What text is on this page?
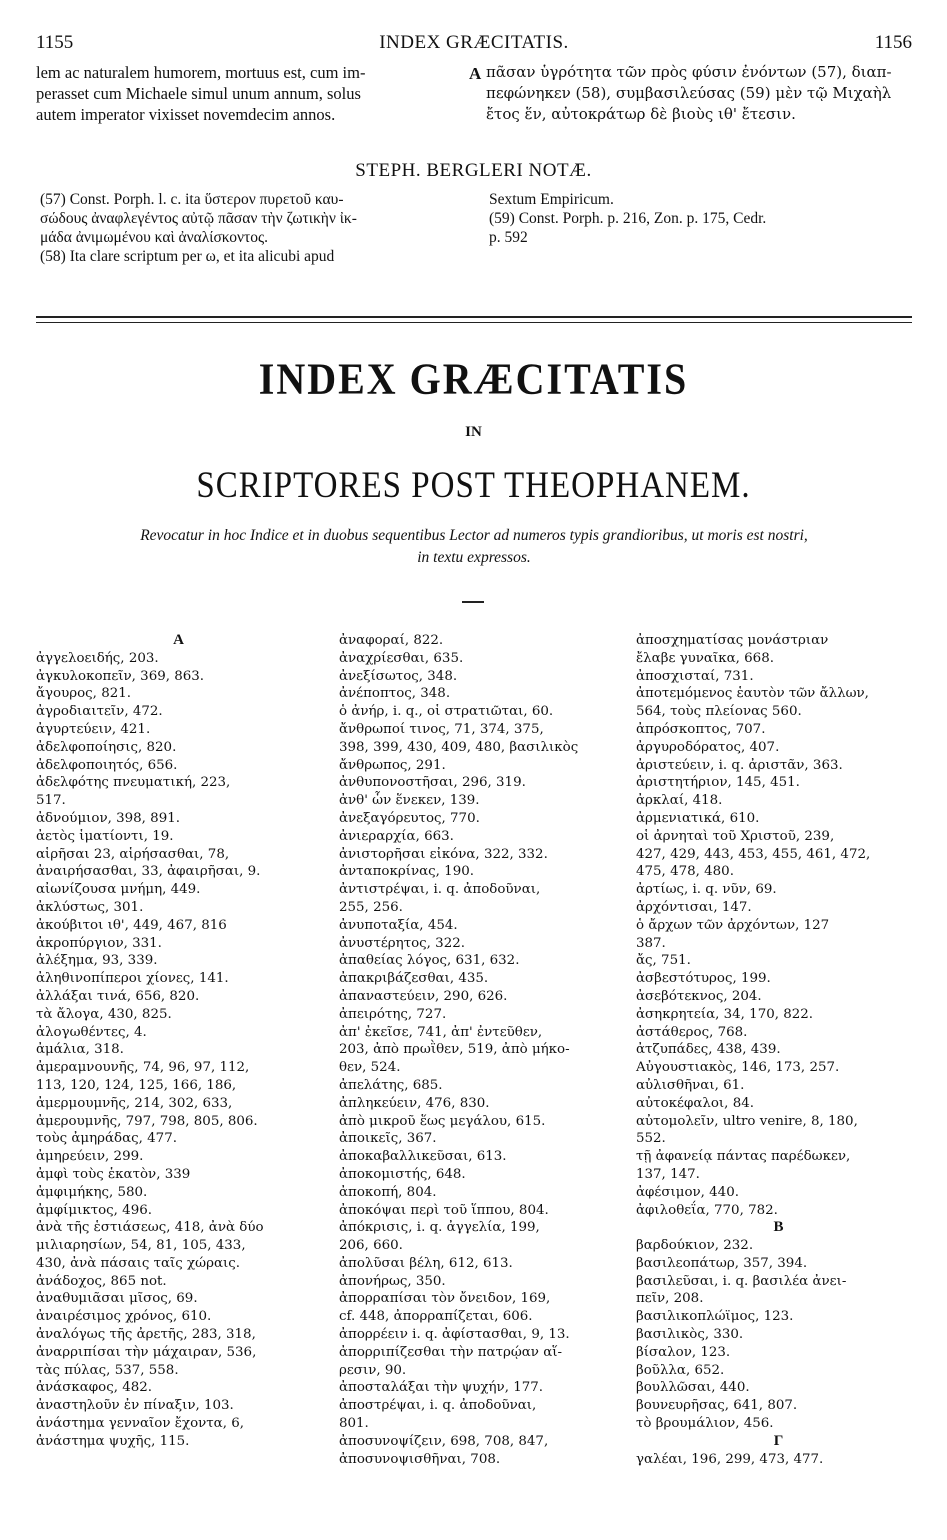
1155	INDEX GRÆCITATIS.	1156
lem ac naturalem humorem, mortuus est, cum im-
perasset cum Michaele simul unum annum, solus
autem imperator vixisset novemdecim annos.
A πᾶσαν ὑγρότητα τῶν πρὸς φύσιν ἐνόντων (57), διαπ-
πεφώνηκεν (58), συμβασιλεύσας (59) μὲν τῷ Μιχαὴλ
ἔτος ἕν, αὐτοκράτωρ δὲ βιοὺς ιθ' ἔτεσιν.
STEPH. BERGLERI NOTÆ.

(57) Const. Porph. l. c. ita ὕστερον πυρετοῦ καυ-

σώδους ἀναφλεγέντος αὐτῷ πᾶσαν τὴν ζωτικὴν ἰκ-

μάδα ἀνιμωμένου καὶ ἀναλίσκοντος.

(58) Ita clare scriptum per ω, et ita alicubi apud

Sextum Empiricum.

(59) Const. Porph. p. 216, Zon. p. 175, Cedr.

p. 592

INDEX GRÆCITATIS
IN
SCRIPTORES POST THEOPHANEM.
Revocatur in hoc Indice et in duobus sequentibus Lector ad numeros typis grandioribus, ut moris est nostri,
in textu expressos.
A
ἀγγελοειδής, 203.
ἀγκυλοκοπεῖν, 369, 863.
ἄγουρος, 821.
ἀγροδιαιτεῖν, 472.
ἀγυρτεύειν, 421.
ἀδελφοποίησις, 820.
ἀδελφοποιητός, 656.
ἀδελφότης πνευματική, 223,
517.
ἀδνούμιον, 398, 891.
ἀετὸς ἱματίοντι, 19.
αἱρῆσαι 23, αἱρήσασθαι, 78,
ἀναιρήσασθαι, 33, ἀφαιρῆσαι, 9.
αἰωνίζουσα μνήμη, 449.
ἀκλύστως, 301.
ἀκούβιτοι ιθ', 449, 467, 816
ἀκροπύργιον, 331.
ἀλέξημα, 93, 339.
ἀληθινοπίπεροι χίονες, 141.
ἀλλάξαι τινά, 656, 820.
τὰ ἄλογα, 430, 825.
ἀλογωθέντες, 4.
ἀμάλια, 318.
ἀμεραμνουνῆς, 74, 96, 97, 112,
113, 120, 124, 125, 166, 186,
ἀμερμουμνῆς, 214, 302, 633,
ἀμερουμνῆς, 797, 798, 805, 806.
τοὺς ἀμηράδας, 477.
ἀμηρεύειν, 299.
ἀμφὶ τοὺς ἑκατὸν, 339
ἀμφιμήκης, 580.
ἀμφίμικτος, 496.
ἀνὰ τῆς ἑστιάσεως, 418, ἀνὰ δύο
μιλιαρησίων, 54, 81, 105, 433,
430, ἀνὰ πάσαις ταῖς χώραις.
ἀνάδοχος, 865 not.
ἀναθυμιᾶσαι μῖσος, 69.
ἀναιρέσιμος χρόνος, 610.
ἀναλόγως τῆς ἀρετῆς, 283, 318,
ἀναρριπίσαι τὴν μάχαιραν, 536,
τὰς πύλας, 537, 558.
ἀνάσκαφος, 482.
ἀναστηλοῦν ἐν πίναξιν, 103.
ἀνάστημα γενναῖον ἔχοντα, 6,
ἀνάστημα ψυχῆς, 115.
ἀναφοραί, 822.
ἀναχρίεσθαι, 635.
ἀνεξίσωτος, 348.
ἀνέποπτος, 348.
ὁ ἀνήρ, i. q., οἱ στρατιῶται, 60.
ἄνθρωποί τινος, 71, 374, 375,
398, 399, 430, 409, 480, βασιλικὸς
ἄνθρωπος, 291.
ἀνθυπονοστῆσαι, 296, 319.
ἀνθ' ὧν ἕνεκεν, 139.
ἀνεξαγόρευτος, 770.
ἀνιεραρχία, 663.
ἀνιστορῆσαι εἰκόνα, 322, 332.
ἀνταποκρίνας, 190.
ἀντιστρέψαι, i. q. ἀποδοῦναι,
255, 256.
ἀνυποταξία, 454.
ἀνυστέρητος, 322.
ἀπαθείας λόγος, 631, 632.
ἀπακριβάζεσθαι, 435.
ἀπαναστεύειν, 290, 626.
ἀπειρότης, 727.
ἀπ' ἐκεῖσε, 741, ἀπ' ἐντεῦθεν,
203, ἀπὸ πρωῒθεν, 519, ἀπὸ μήκο-
θεν, 524.
ἀπελάτης, 685.
ἀπληκεύειν, 476, 830.
ἀπὸ μικροῦ ἕως μεγάλου, 615.
ἀποικεῖς, 367.
ἀποκαβαλλικεῦσαι, 613.
ἀποκομιστής, 648.
ἀποκοπή, 804.
ἀποκόψαι περὶ τοῦ ἵππου, 804.
ἀπόκρισις, i. q. ἀγγελία, 199,
206, 660.
ἀπολῦσαι βέλη, 612, 613.
ἀπονήρως, 350.
ἀπορραπίσαι τὸν ὄνειδον, 169,
cf. 448, ἀπορραπίζεται, 606.
ἀπορρέειν i. q. ἀφίστασθαι, 9, 13.
ἀπορριπίζεσθαι τὴν πατρῴαν αἵ-
ρεσιν, 90.
ἀποσταλάξαι τὴν ψυχήν, 177.
ἀποστρέψαι, i. q. ἀποδοῦναι,
801.
ἀποσυνοψίζειν, 698, 708, 847,
ἀποσυνοψισθῆναι, 708.
ἀποσχηματίσας μονάστριαν
ἔλαβε γυναῖκα, 668.
ἀποσχισταί, 731.
ἀποτεμόμενος ἑαυτὸν τῶν ἄλλων,
564, τοὺς πλείονας 560.
ἀπρόσκοπτος, 707.
ἀργυροδόρατος, 407.
ἀριστεύειν, i. q. ἀριστᾶν, 363.
ἀριστητήριον, 145, 451.
ἀρκλαί, 418.
ἀρμενιατικά, 610.
οἱ ἀρνηταὶ τοῦ Χριστοῦ, 239,
427, 429, 443, 453, 455, 461, 472,
475, 478, 480.
ἀρτίως, i. q. νῦν, 69.
ἀρχόντισαι, 147.
ὁ ἄρχων τῶν ἀρχόντων, 127
387.
ἄς, 751.
ἀσβεστότυρος, 199.
ἀσεβότεκνος, 204.
ἀσηκρητεία, 34, 170, 822.
ἀστάθερος, 768.
ἀτζυπάδες, 438, 439.
Αὐγουστιακὸς, 146, 173, 257.
αὐλισθῆναι, 61.
αὐτοκέφαλοι, 84.
αὐτομολεῖν, ultro venire, 8, 180,
552.
τῇ ἀφανείᾳ πάντας παρέδωκεν,
137, 147.
ἀφέσιμον, 440.
ἀφιλοθεΐα, 770, 782.
B
βαρδούκιον, 232.
βασιλεοπάτωρ, 357, 394.
βασιλεῦσαι, i. q. βασιλέα ἀνει-
πεῖν, 208.
βασιλικοπλώϊμος, 123.
βασιλικὸς, 330.
βίσαλον, 123.
βοῦλλα, 652.
βουλλῶσαι, 440.
βουνευρῆσας, 641, 807.
τὸ βρουμάλιον, 456.
Γ
γαλέαι, 196, 299, 473, 477.
